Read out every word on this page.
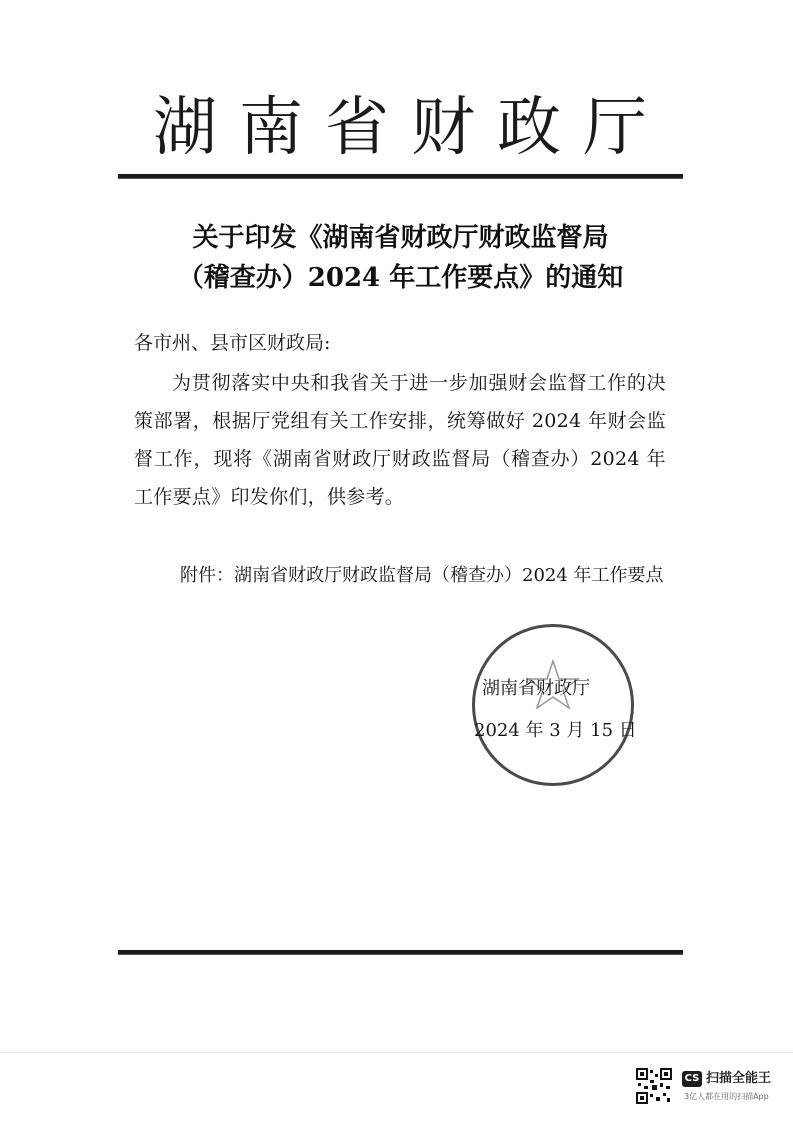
湖 南 省 财 政 厅
关于印发《湖南省财政厅财政监督局
（稽查办）2024 年工作要点》的通知
各市州、县市区财政局:
为贯彻落实中央和我省关于进一步加强财会监督工作的决策部署，根据厅党组有关工作安排，统筹做好 2024 年财会监督工作，现将《湖南省财政厅财政监督局（稽查办）2024 年工作要点》印发你们，供参考。
附件：湖南省财政厅财政监督局（稽查办）2024 年工作要点
湖南省财政厅
2024 年 3 月 15 日
CS 扫描全能王
3亿人都在用的扫描App
